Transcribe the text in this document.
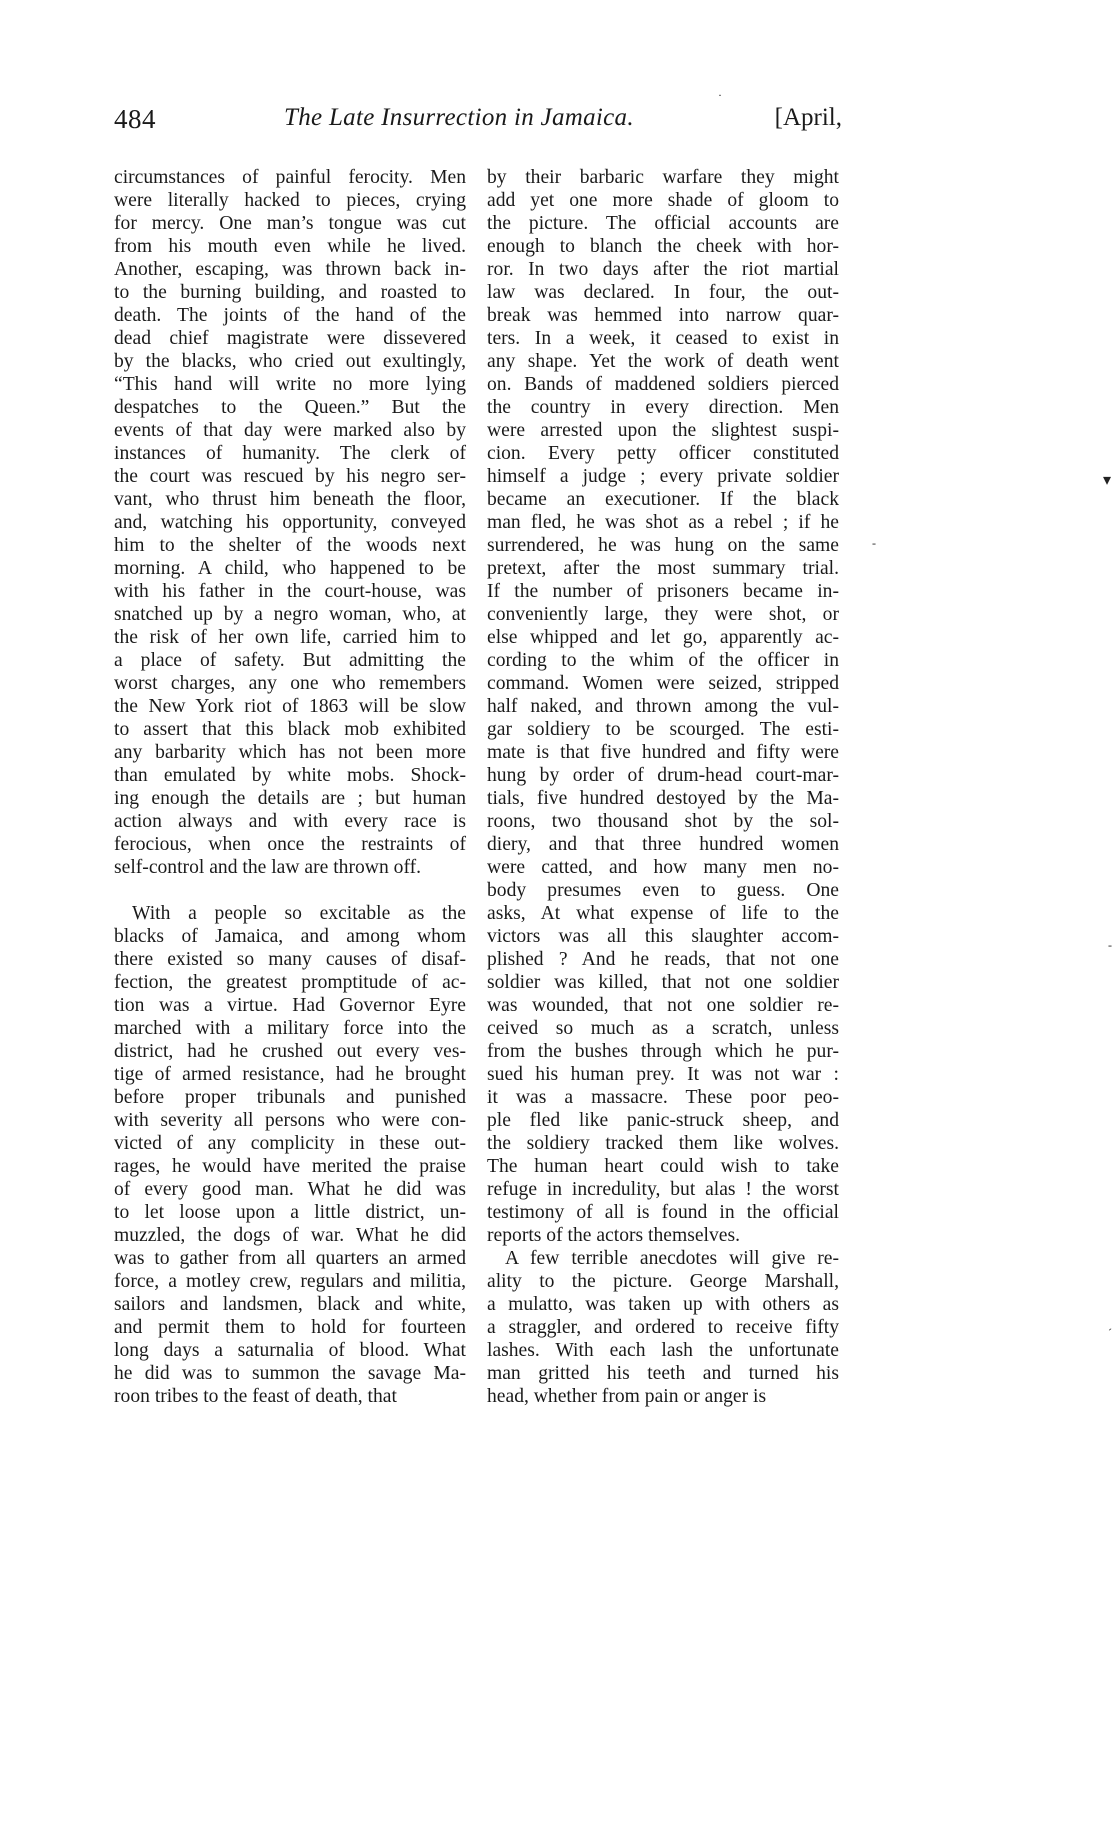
484	The Late Insurrection in Jamaica.	[April,
circumstances of painful ferocity. Men
were literally hacked to pieces, crying
for mercy. One man’s tongue was cut
from his mouth even while he lived.
Another, escaping, was thrown back in-
to the burning building, and roasted to
death. The joints of the hand of the
dead chief magistrate were dissevered
by the blacks, who cried out exultingly,
“This hand will write no more lying
despatches to the Queen.” But the
events of that day were marked also by
instances of humanity. The clerk of
the court was rescued by his negro ser-
vant, who thrust him beneath the floor,
and, watching his opportunity, conveyed
him to the shelter of the woods next
morning. A child, who happened to be
with his father in the court-house, was
snatched up by a negro woman, who, at
the risk of her own life, carried him to
a place of safety. But admitting the
worst charges, any one who remembers
the New York riot of 1863 will be slow
to assert that this black mob exhibited
any barbarity which has not been more
than emulated by white mobs. Shock-
ing enough the details are ; but human
action always and with every race is
ferocious, when once the restraints of
self-control and the law are thrown off.
With a people so excitable as the
blacks of Jamaica, and among whom
there existed so many causes of disaf-
fection, the greatest promptitude of ac-
tion was a virtue. Had Governor Eyre
marched with a military force into the
district, had he crushed out every ves-
tige of armed resistance, had he brought
before proper tribunals and punished
with severity all persons who were con-
victed of any complicity in these out-
rages, he would have merited the praise
of every good man. What he did was
to let loose upon a little district, un-
muzzled, the dogs of war. What he did
was to gather from all quarters an armed
force, a motley crew, regulars and militia,
sailors and landsmen, black and white,
and permit them to hold for fourteen
long days a saturnalia of blood. What
he did was to summon the savage Ma-
roon tribes to the feast of death, that
by their barbaric warfare they might
add yet one more shade of gloom to
the picture. The official accounts are
enough to blanch the cheek with hor-
ror. In two days after the riot martial
law was declared. In four, the out-
break was hemmed into narrow quar-
ters. In a week, it ceased to exist in
any shape. Yet the work of death went
on. Bands of maddened soldiers pierced
the country in every direction. Men
were arrested upon the slightest suspi-
cion. Every petty officer constituted
himself a judge ; every private soldier
became an executioner. If the black
man fled, he was shot as a rebel ; if he
surrendered, he was hung on the same
pretext, after the most summary trial.
If the number of prisoners became in-
conveniently large, they were shot, or
else whipped and let go, apparently ac-
cording to the whim of the officer in
command. Women were seized, stripped
half naked, and thrown among the vul-
gar soldiery to be scourged. The esti-
mate is that five hundred and fifty were
hung by order of drum-head court-mar-
tials, five hundred destoyed by the Ma-
roons, two thousand shot by the sol-
diery, and that three hundred women
were catted, and how many men no-
body presumes even to guess. One
asks, At what expense of life to the
victors was all this slaughter accom-
plished ? And he reads, that not one
soldier was killed, that not one soldier
was wounded, that not one soldier re-
ceived so much as a scratch, unless
from the bushes through which he pur-
sued his human prey. It was not war :
it was a massacre. These poor peo-
ple fled like panic-struck sheep, and
the soldiery tracked them like wolves.
The human heart could wish to take
refuge in incredulity, but alas ! the worst
testimony of all is found in the official
reports of the actors themselves.
A few terrible anecdotes will give re-
ality to the picture. George Marshall,
a mulatto, was taken up with others as
a straggler, and ordered to receive fifty
lashes. With each lash the unfortunate
man gritted his teeth and turned his
head, whether from pain or anger is
·
▾
-
-
´
